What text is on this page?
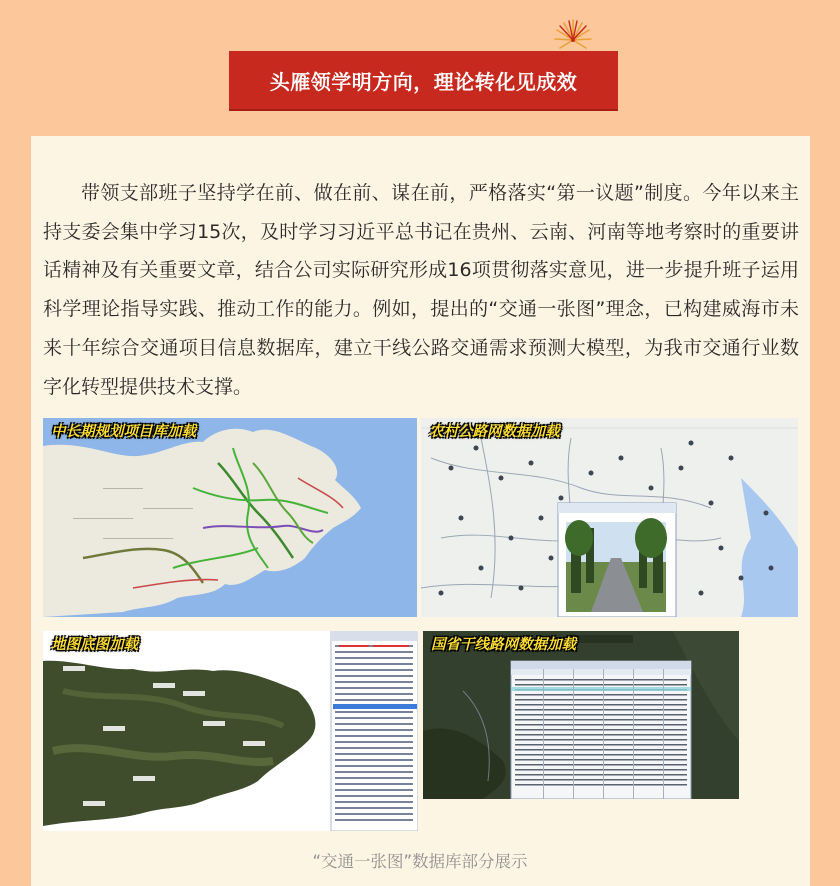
头雁领学明方向，理论转化见成效

带领支部班子坚持学在前、做在前、谋在前，严格落实“第一议题”制度。今年以来主持支委会集中学习15次，及时学习习近平总书记在贵州、云南、河南等地考察时的重要讲话精神及有关重要文章，结合公司实际研究形成16项贯彻落实意见，进一步提升班子运用科学理论指导实践、推动工作的能力。例如，提出的“交通一张图”理念，已构建威海市未来十年综合交通项目信息数据库，建立干线公路交通需求预测大模型，为我市交通行业数字化转型提供技术支撑。

中长期规划项目库加载	农村公路网数据加载
地图底图加载	国省干线路网数据加载
“交通一张图”数据库部分展示
